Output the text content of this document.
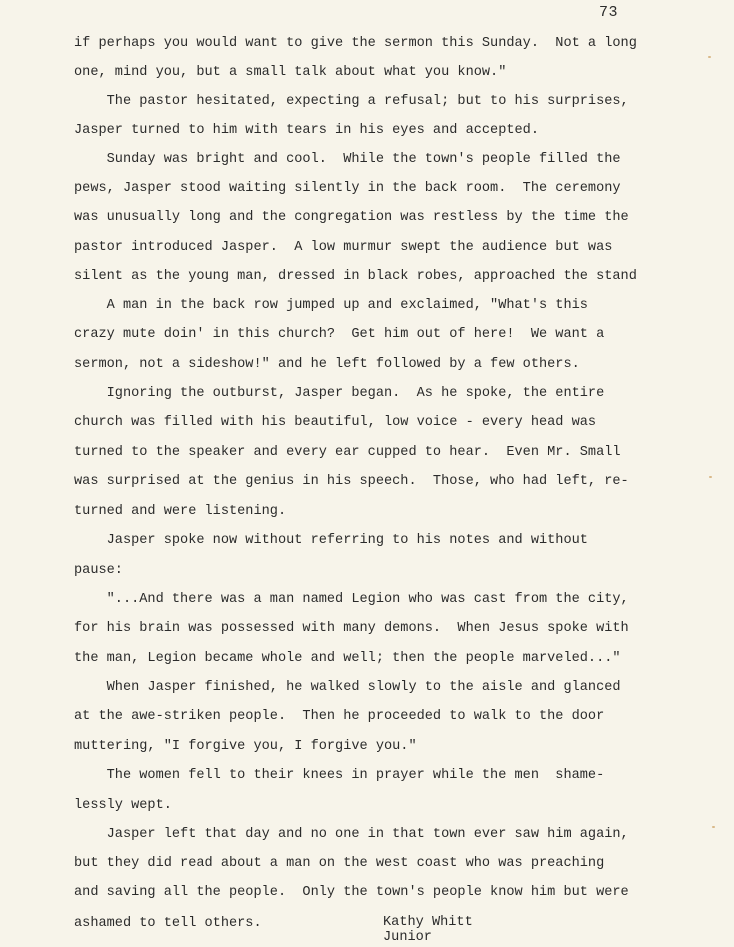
73
if perhaps you would want to give the sermon this Sunday.  Not a long
one, mind you, but a small talk about what you know."
The pastor hesitated, expecting a refusal; but to his surprises,
Jasper turned to him with tears in his eyes and accepted.
Sunday was bright and cool.  While the town's people filled the
pews, Jasper stood waiting silently in the back room.  The ceremony
was unusually long and the congregation was restless by the time the
pastor introduced Jasper.  A low murmur swept the audience but was
silent as the young man, dressed in black robes, approached the stand
A man in the back row jumped up and exclaimed, "What's this
crazy mute doin' in this church?  Get him out of here!  We want a
sermon, not a sideshow!" and he left followed by a few others.
Ignoring the outburst, Jasper began.  As he spoke, the entire
church was filled with his beautiful, low voice - every head was
turned to the speaker and every ear cupped to hear.  Even Mr. Small
was surprised at the genius in his speech.  Those, who had left, re-
turned and were listening.
Jasper spoke now without referring to his notes and without
pause:
"...And there was a man named Legion who was cast from the city,
for his brain was possessed with many demons.  When Jesus spoke with
the man, Legion became whole and well; then the people marveled..."
When Jasper finished, he walked slowly to the aisle and glanced
at the awe-striken people.  Then he proceeded to walk to the door
muttering, "I forgive you, I forgive you."
The women fell to their knees in prayer while the men  shame-
lessly wept.
Jasper left that day and no one in that town ever saw him again,
but they did read about a man on the west coast who was preaching
and saving all the people.  Only the town's people know him but were
ashamed to tell others.	Kathy Whitt
Junior
